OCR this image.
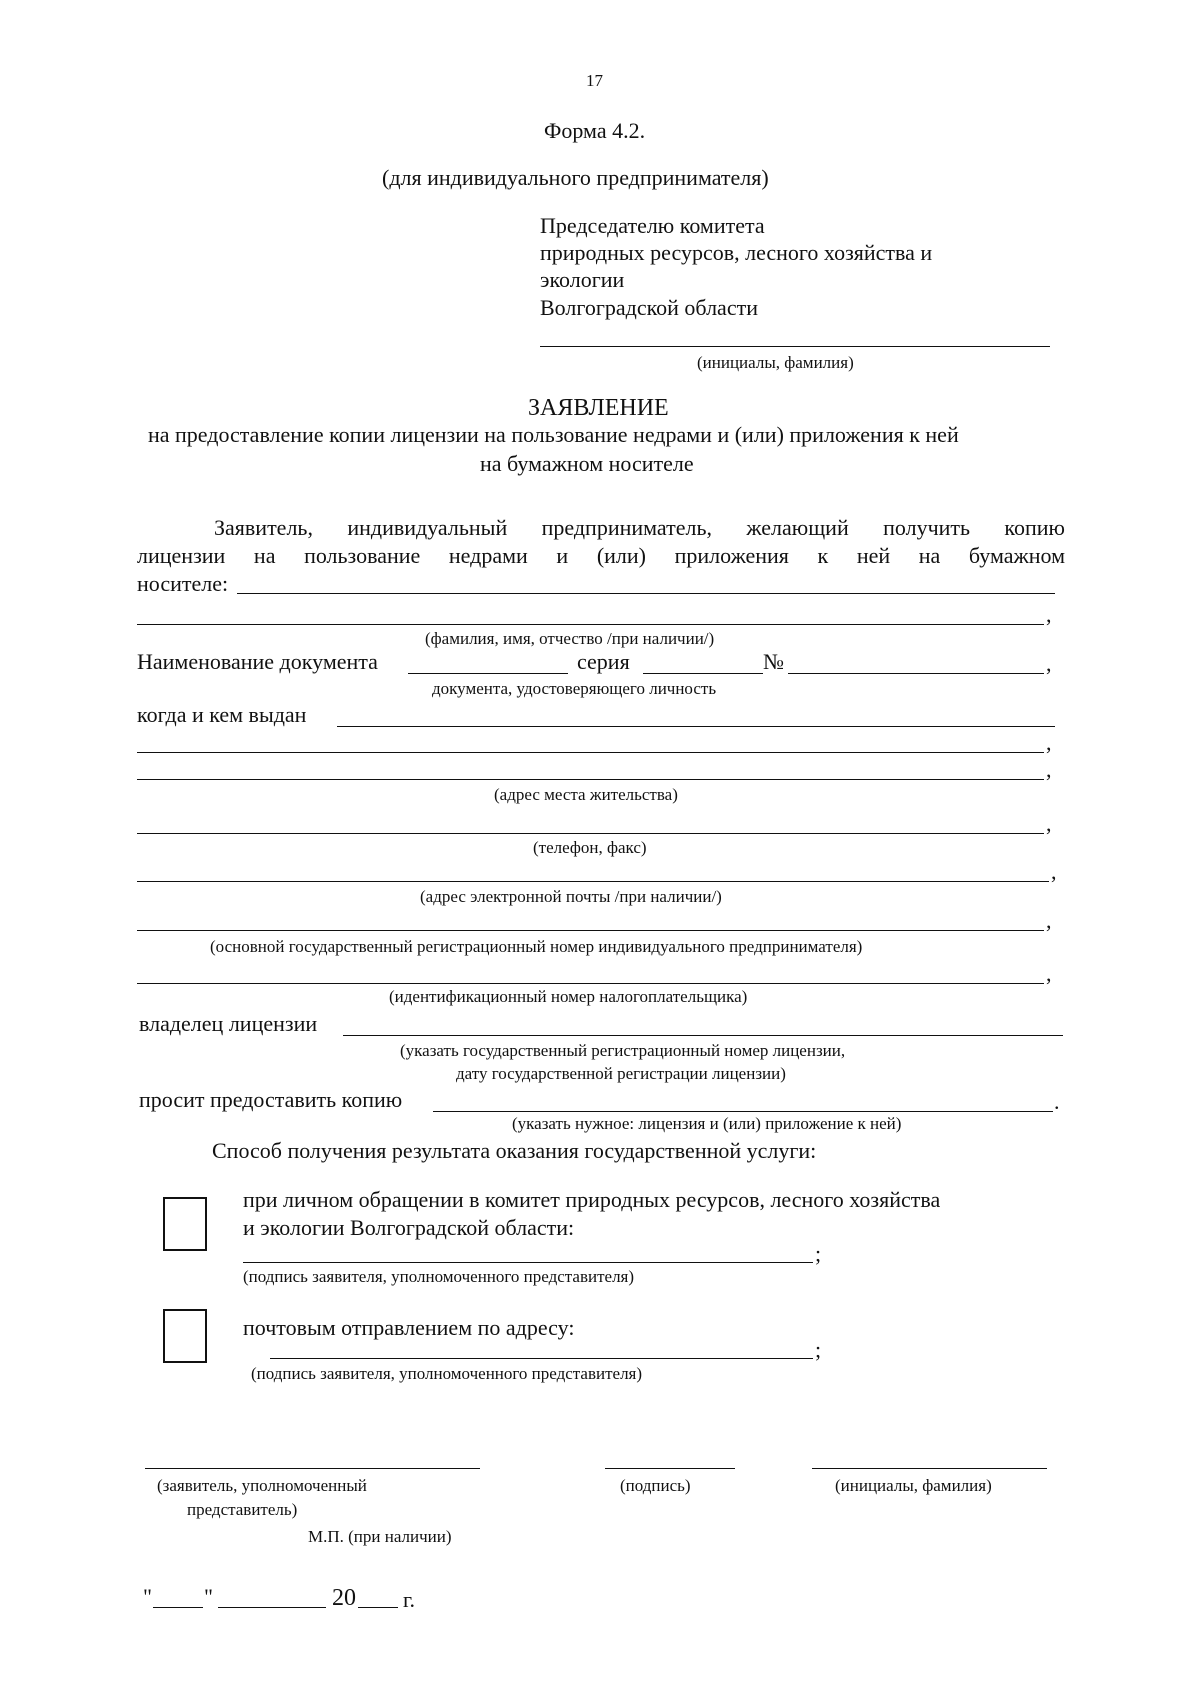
17
Форма 4.2.
(для индивидуального предпринимателя)
Председателю комитета
природных ресурсов, лесного хозяйства и
экологии
Волгоградской области
(инициалы, фамилия)
ЗАЯВЛЕНИЕ
на предоставление копии лицензии на пользование недрами и (или) приложения к ней
на бумажном носителе
Заявитель, индивидуальный предприниматель, желающий получить копию
лицензии на пользование недрами и (или) приложения к ней на бумажном
носителе:
,
(фамилия, имя, отчество /при наличии/)
Наименование документа	серия	№	,
документа, удостоверяющего личность
когда и кем выдан
,
,
(адрес места жительства)
,
(телефон, факс)
,
(адрес электронной почты /при наличии/)
,
(основной государственный регистрационный номер индивидуального предпринимателя)
,
(идентификационный номер налогоплательщика)
владелец лицензии
(указать государственный регистрационный номер лицензии,
дату государственной регистрации лицензии)
просит предоставить копию	.
(указать нужное: лицензия и (или) приложение к ней)
Способ получения результата оказания государственной услуги:
при личном обращении в комитет природных ресурсов, лесного хозяйства
и экологии Волгоградской области:
;
(подпись заявителя, уполномоченного представителя)
почтовым отправлением по адресу:
;
(подпись заявителя, уполномоченного представителя)
(заявитель, уполномоченный
представитель)
(подпись)	(инициалы, фамилия)
М.П. (при наличии)
" "	20 г.
